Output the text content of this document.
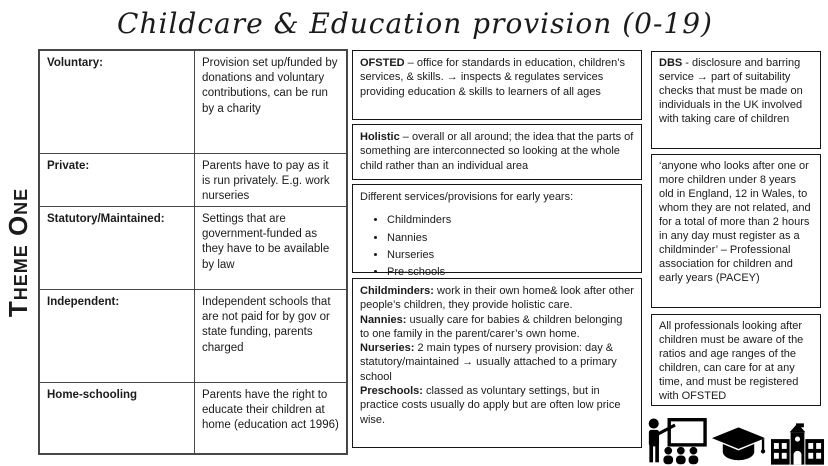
Childcare & Education provision (0-19)
Theme One
Voluntary:	Provision set up/funded by donations and voluntary contributions, can be run by a charity
Private:	Parents have to pay as it is run privately. E.g. work nurseries
Statutory/Maintained:	Settings that are government-funded as they have to be available by law
Independent:	Independent schools that are not paid for by gov or state funding, parents charged
Home-schooling	Parents have the right to educate their children at home (education act 1996)
OFSTED – office for standards in education, children’s services, & skills. → inspects & regulates services providing education & skills to learners of all ages
Holistic – overall or all around; the idea that the parts of something are interconnected so looking at the whole child rather than an individual area
Different services/provisions for early years:
• Childminders
• Nannies
• Nurseries
• Pre-schools
Childminders: work in their own home& look after other people’s children, they provide holistic care.
Nannies: usually care for babies & children belonging to one family in the parent/carer’s own home.
Nurseries: 2 main types of nursery provision: day & statutory/maintained → usually attached to a primary school
Preschools: classed as voluntary settings, but in practice costs usually do apply but are often low price wise.
DBS - disclosure and barring service → part of suitability checks that must be made on individuals in the UK involved with taking care of children
‘anyone who looks after one or more children under 8 years old in England, 12 in Wales, to whom they are not related, and for a total of more than 2 hours in any day must register as a childminder’ – Professional association for children and early years (PACEY)
All professionals looking after children must be aware of the ratios and age ranges of the children, can care for at any time, and must be registered with OFSTED
